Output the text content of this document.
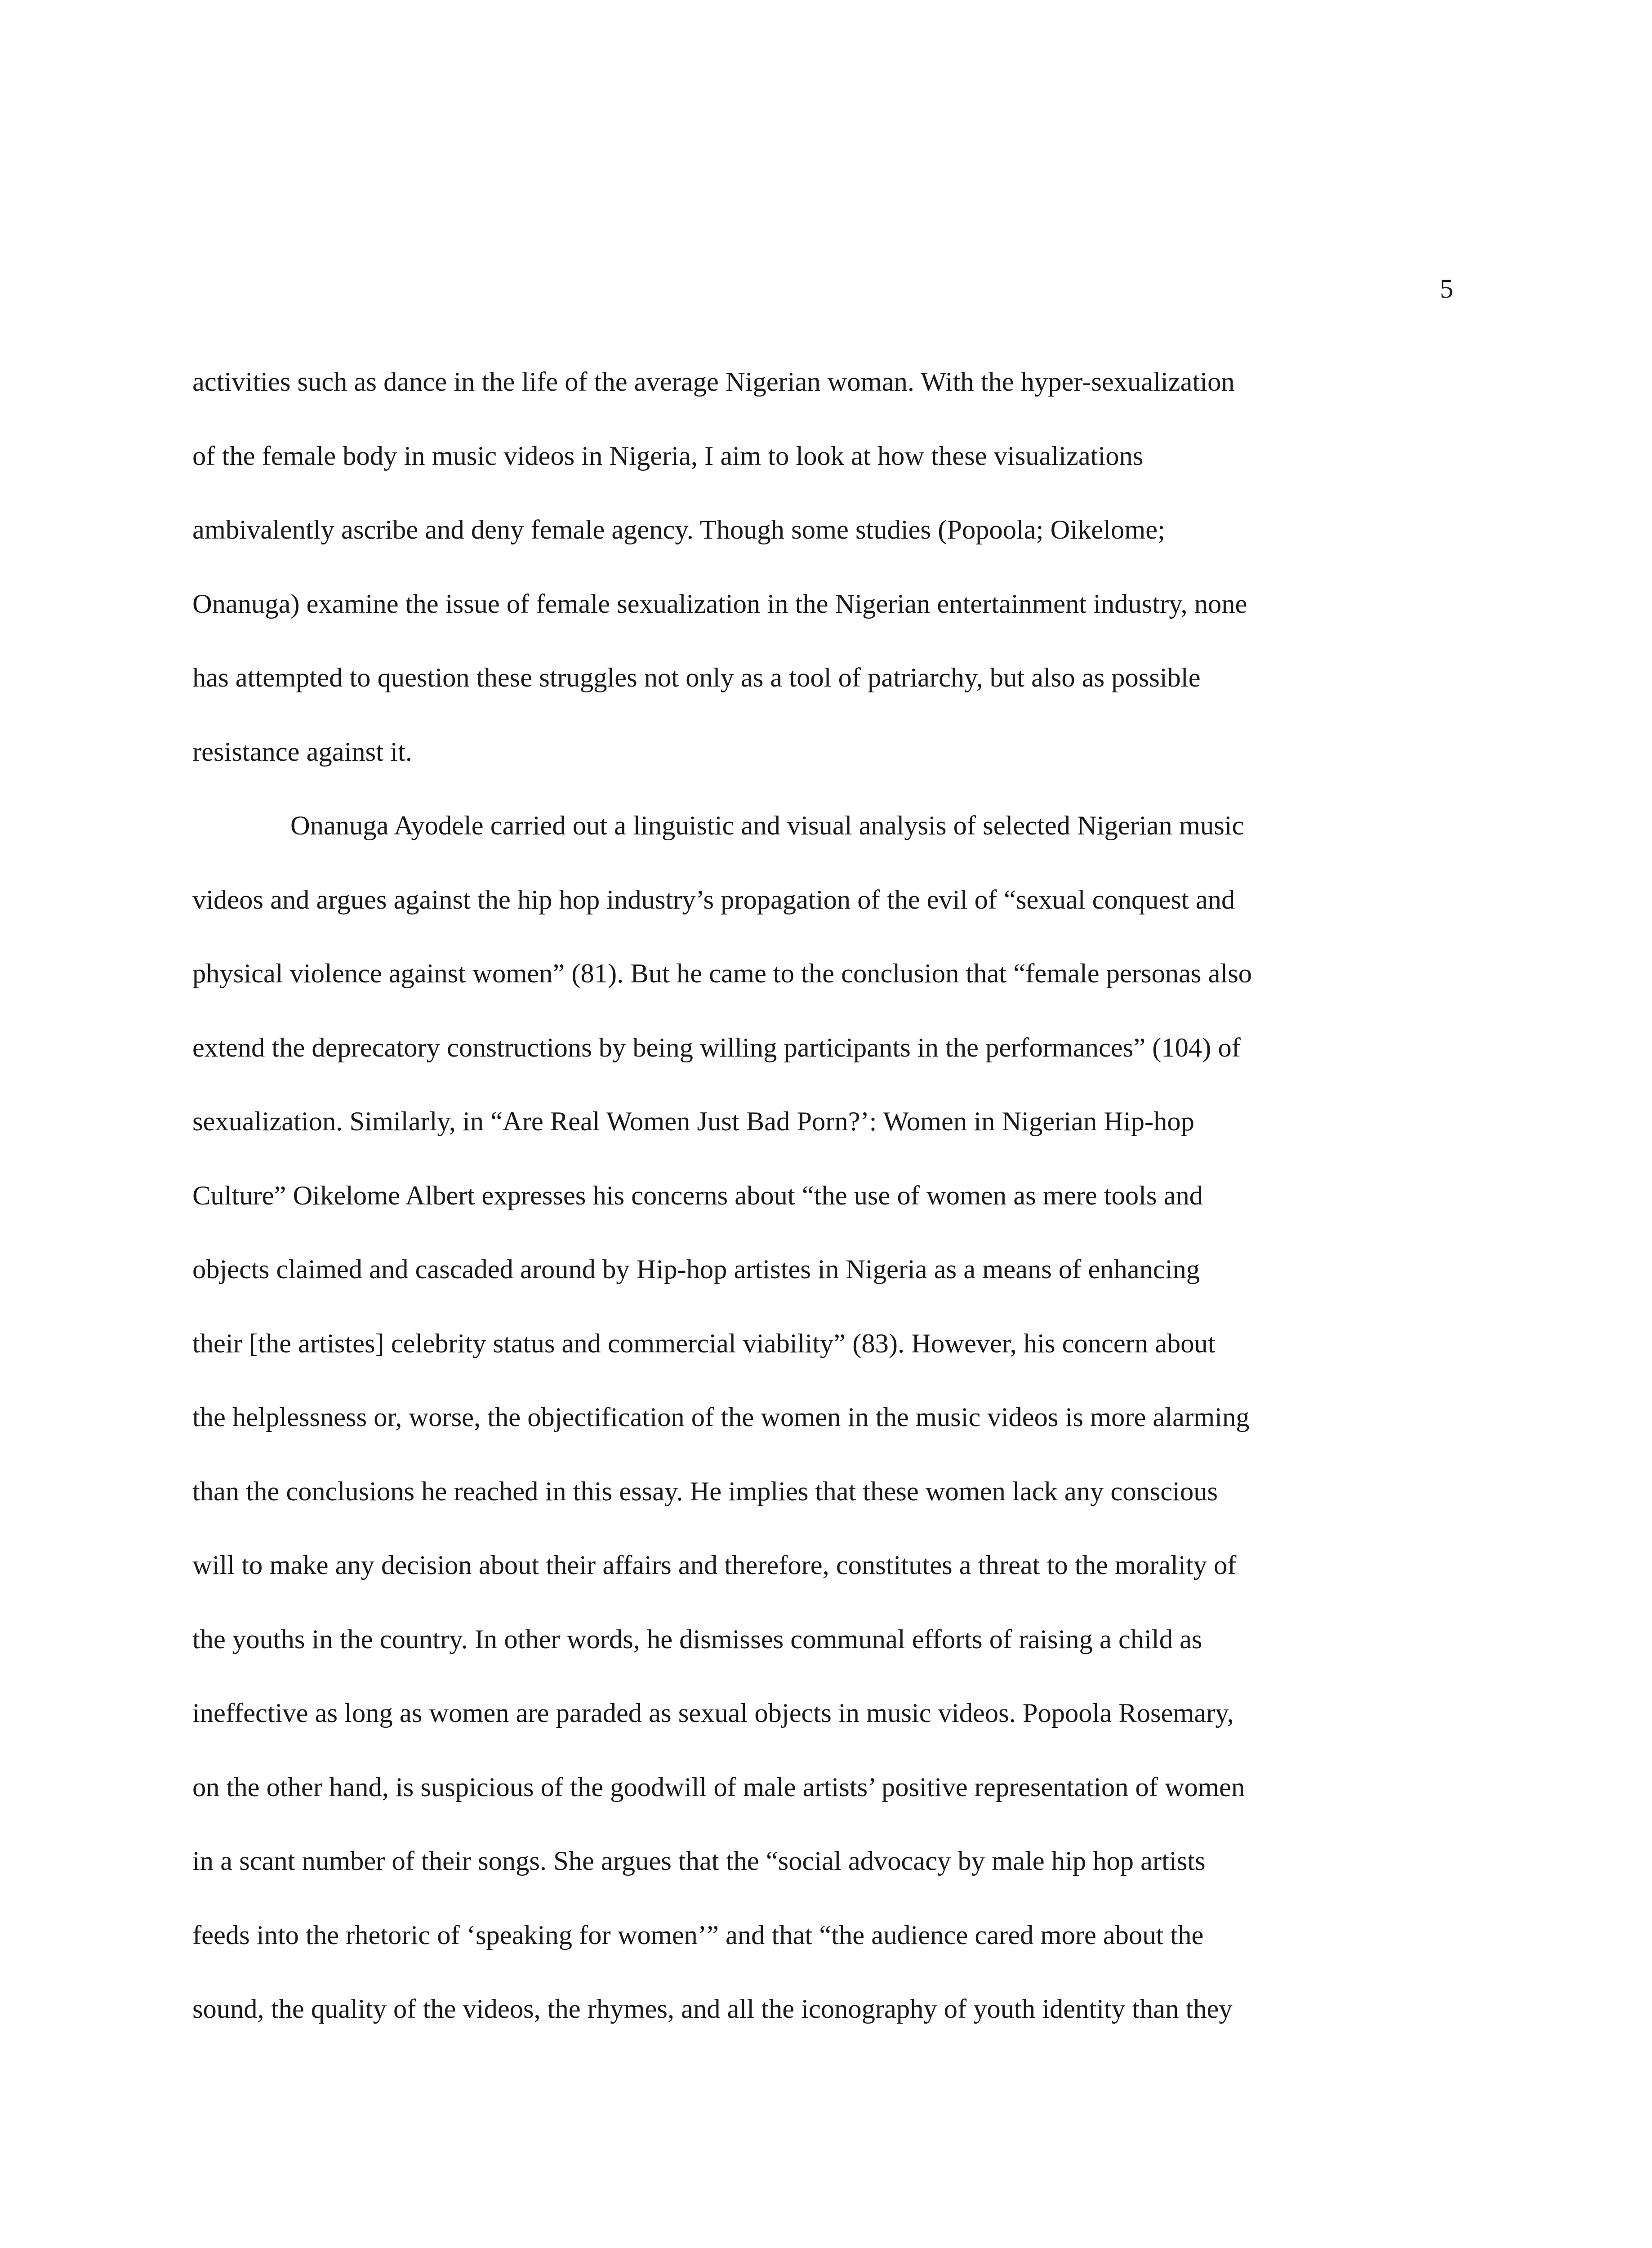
5
activities such as dance in the life of the average Nigerian woman. With the hyper-sexualization
of the female body in music videos in Nigeria, I aim to look at how these visualizations
ambivalently ascribe and deny female agency. Though some studies (Popoola; Oikelome;
Onanuga) examine the issue of female sexualization in the Nigerian entertainment industry, none
has attempted to question these struggles not only as a tool of patriarchy, but also as possible
resistance against it.
Onanuga Ayodele carried out a linguistic and visual analysis of selected Nigerian music
videos and argues against the hip hop industry’s propagation of the evil of “sexual conquest and
physical violence against women” (81). But he came to the conclusion that “female personas also
extend the deprecatory constructions by being willing participants in the performances” (104) of
sexualization. Similarly, in “Are Real Women Just Bad Porn?’: Women in Nigerian Hip-hop
Culture” Oikelome Albert expresses his concerns about “the use of women as mere tools and
objects claimed and cascaded around by Hip-hop artistes in Nigeria as a means of enhancing
their [the artistes] celebrity status and commercial viability” (83). However, his concern about
the helplessness or, worse, the objectification of the women in the music videos is more alarming
than the conclusions he reached in this essay. He implies that these women lack any conscious
will to make any decision about their affairs and therefore, constitutes a threat to the morality of
the youths in the country. In other words, he dismisses communal efforts of raising a child as
ineffective as long as women are paraded as sexual objects in music videos. Popoola Rosemary,
on the other hand, is suspicious of the goodwill of male artists’ positive representation of women
in a scant number of their songs. She argues that the “social advocacy by male hip hop artists
feeds into the rhetoric of ‘speaking for women’” and that “the audience cared more about the
sound, the quality of the videos, the rhymes, and all the iconography of youth identity than they
